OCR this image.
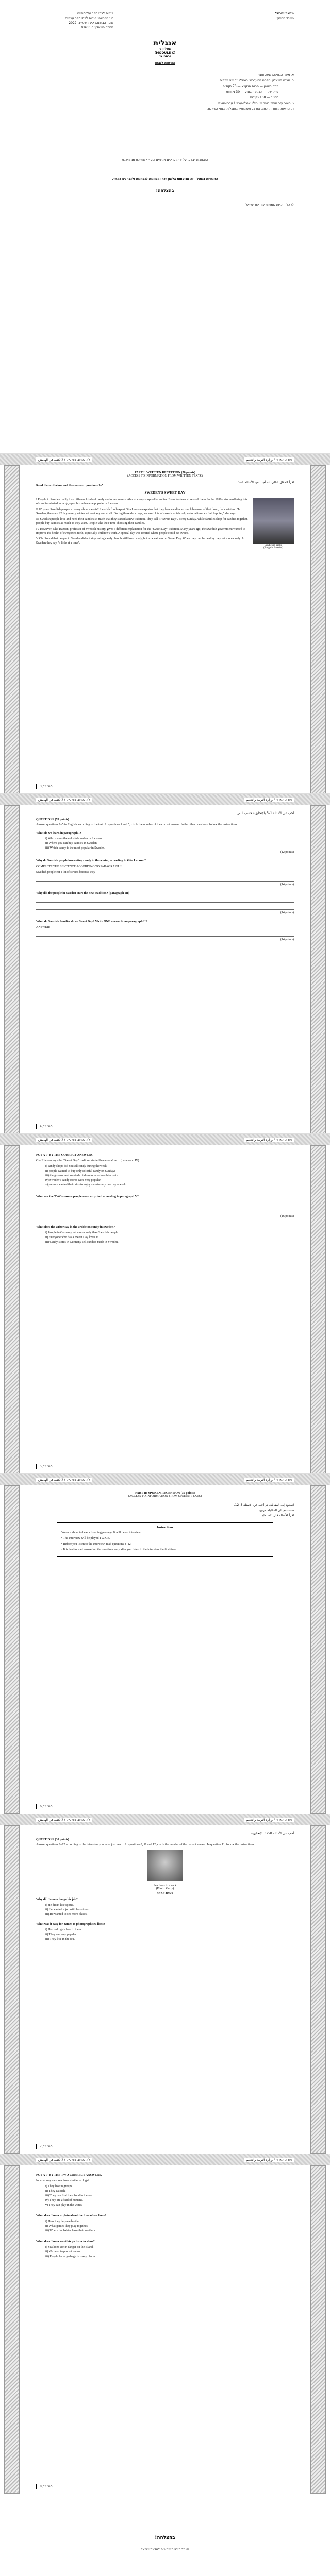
מדינת ישראל
משרד החינוך
בגרות לבתי ספר על־יסודיים
סוג הבחינה: בגרות לבתי ספר ערביים
מועד הבחינה: קיץ תשפ״ב, 2022
מספר השאלון: 016117
אנגלית
שאלון ג׳
(MODULE C)
גרסה א׳
הוראות לנבחן
א. משך הבחינה: שעה וחצי.
ב. מבנה השאלון ומפתח ההערכה: בשאלון זה שני פרקים.
פרק ראשון — הבנת הנקרא — 70 נקודות
פרק שני — הבנת הנשמע — 30 נקודות
סה״כ — 100 נקודות
ג. חומר עזר מותר בשימוש: מילון אנגלי–ערבי / ערבי–אנגלי.
ד. הוראות מיוחדות: כתוב את כל תשובותיך באנגלית, בגוף השאלון.
התשובות ייבדקו על־ידי מעריכים אנושיים ועל־ידי מערכת ממוחשבת
ההנחיות בשאלון זה מנוסחות בלשון זכר ומכוונות לנבחנות ולנבחנים כאחד.
בהצלחה!
© כל הזכויות שמורות למדינת ישראל
לא לכתוב בשוליים / لا تكتب في الهامش	מורה המדור / وزارة التربية والتعليم
PART I: WRITTEN RECEPTION (70 points)
(ACCESS TO INFORMATION FROM WRITTEN TEXTS)
اقرأ المقال التالي، ثم أجب عن الأسئلة 1–5.
Read the text below and then answer questions 1–5.
SWEDEN'S SWEET DAY
Candies in sacks.
(Fudge in Sweden)

I People in Sweden really love different kinds of candy and other sweets. Almost every shop sells candies. Even fourteen stores sell them. In the 1990s, stores offering lots of candies started in large, open boxes became popular in Sweden.

II Why are Swedish people so crazy about sweets? Swedish food expert Gita Larsson explains that they love candies so much because of their long, dark winters. "In Sweden, there are 22 days every winter without any sun at all. During these dark days, we need lots of sweets which help us to believe we feel happier," she says.

III Swedish people love and need their candies so much that they started a new tradition. They call it "Sweet Day". Every Sunday, while families shop for candies together, people buy candies as much as they want. People take their time choosing their candies.

IV However, Olaf Hansen, professor of Swedish history, gives a different explanation for the "Sweet Day" tradition. Many years ago, the Swedish government wanted to improve the health of everyone's teeth, especially children's teeth. A special day was created where people could eat sweets.

V Olaf found that people in Sweden did not stop eating candy. People still love candy, but now eat less on Sweet Day. When they can be healthy they eat more candy. In Sweden they say "a little at a time".

3 / סה״כ
לא לכתוב בשוליים / لا تكتب في الهامش	מורה המדור / وزارة التربية والتعليم
أجب عن الأسئلة 1–5 بالإنجليزية حسب النص.
QUESTIONS (70 points)

Answer questions 1–5 in English according to the text. In questions 1 and 5, circle the number of the correct answer. In the other questions, follow the instructions.

What do we learn in paragraph I?

i) Who makes the colorful candies in Sweden.
ii) Where you can buy candies in Sweden.
iii) Which candy is the most popular in Sweden.
(12 points)

Why do Swedish people love eating candy in the winter, according to Gita Larsson?

COMPLETE THE SENTENCE ACCORDING TO PARAGRAPH II.

Swedish people eat a lot of sweets because they ________

(14 points)

Why did the people in Sweden start the new tradition? (paragraph III)

(14 points)

What do Swedish families do on Sweet Day? Write ONE answer from paragraph III.

ANSWER:

(14 points)
4 / סה״כ
לא לכתוב בשוליים / لا تكتب في الهامش	מורה המדור / وزارة التربية والتعليم

PUT A ✓ BY THE CORRECT ANSWERS.

Olaf Hansen says the "Sweet Day" tradition started because a/the ... (paragraph IV)

i) candy shops did not sell candy during the week
ii) people wanted to buy only colorful candy on Sundays
iii) the government wanted children to have healthier teeth
iv) Sweden's candy stores were very popular
v) parents wanted their kids to enjoy sweets only one day a week

What are the TWO reasons people were surprised according to paragraph V?

(16 points)

What does the writer say in the article on candy in Sweden?

i) People in Germany eat more candy than Swedish people.
ii) Everyone who has a Sweet Day loves it.
iii) Candy stores in Germany sell candies made in Sweden.
5 / סה״כ
לא לכתוב בשוליים / لا تكتب في الهامش	מורה המדור / وزارة التربية والتعليم
PART II: SPOKEN RECEPTION (30 points)
(ACCESS TO INFORMATION FROM SPOKEN TEXTS)
استمع إلى المقابلة، ثم أجب عن الأسئلة 8–12.
ستستمع إلى المقابلة مرتين.
اقرأ الأسئلة قبل الاستماع.
Instructions

You are about to hear a listening passage. It will be an interview.

• The interview will be played TWICE.

• Before you listen to the interview, read questions 8–12.

• It is best to start answering the questions only after you listen to the interview the first time.

6 / סה״כ
לא לכתוב בשוליים / لا تكتب في الهامش	מורה המדור / وزارة التربية والتعليم
أجب عن الأسئلة 8–12 بالإنجليزية.
QUESTIONS (30 points)

Answer questions 8–12 according to the interview you have just heard. In questions 8, 11 and 12, circle the number of the correct answer. In question 11, follow the instructions.

Sea lions in a rock
(Photo: Getty)
SEA LIONS

Why did James change his job?

i) He didn't like sports.
ii) He wanted a job with less stress.
iii) He wanted to see more places.

What was it easy for James to photograph sea lions?

i) He could get close to them.
ii) They are very popular.
iii) They live in the sea.
7 / סה״כ
לא לכתוב בשוליים / لا تكتب في الهامش	מורה המדור / وزارة التربية والتعليم

PUT A ✓ BY THE TWO CORRECT ANSWERS.

In what ways are sea lions similar to dogs?

i) They live in groups.
ii) They eat fish.
iii) They can find their food in the sea.
iv) They are afraid of humans.
v) They can play in the water.

What does James explain about the lives of sea lions?

i) How they help each other.
ii) What games they play together.
iii) Where the babies have their mothers.

What does James want his pictures to show?

i) Sea lions are in danger on the island.
ii) We need to protect nature.
iii) People leave garbage in many places.
8 / סה״כ
בהצלחה!
© כל הזכויות שמורות למדינת ישראל
